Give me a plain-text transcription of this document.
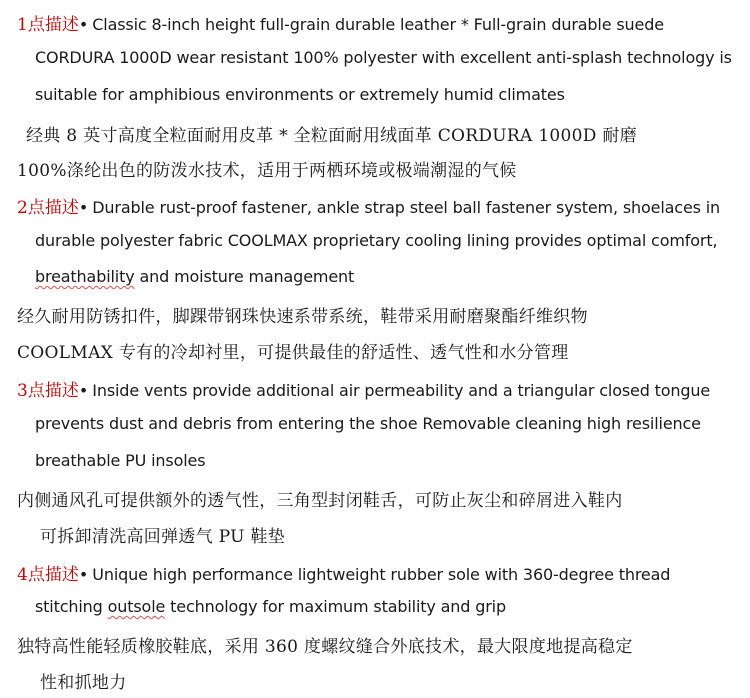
1点描述• Classic 8-inch height full-grain durable leather * Full-grain durable suede
CORDURA 1000D wear resistant 100% polyester with excellent anti-splash technology is
suitable for amphibious environments or extremely humid climates
经典 8 英寸高度全粒面耐用皮革 * 全粒面耐用绒面革 CORDURA 1000D 耐磨
100%涤纶出色的防泼水技术，适用于两栖环境或极端潮湿的气候
2点描述• Durable rust-proof fastener, ankle strap steel ball fastener system, shoelaces in
durable polyester fabric COOLMAX proprietary cooling lining provides optimal comfort,
breathability and moisture management
经久耐用防锈扣件，脚踝带钢珠快速系带系统，鞋带采用耐磨聚酯纤维织物
COOLMAX 专有的冷却衬里，可提供最佳的舒适性、透气性和水分管理
3点描述• Inside vents provide additional air permeability and a triangular closed tongue
prevents dust and debris from entering the shoe Removable cleaning high resilience
breathable PU insoles
内侧通风孔可提供额外的透气性，三角型封闭鞋舌，可防止灰尘和碎屑进入鞋内
可拆卸清洗高回弹透气 PU 鞋垫
4点描述• Unique high performance lightweight rubber sole with 360-degree thread
stitching outsole technology for maximum stability and grip
独特高性能轻质橡胶鞋底，采用 360 度螺纹缝合外底技术，最大限度地提高稳定
性和抓地力
